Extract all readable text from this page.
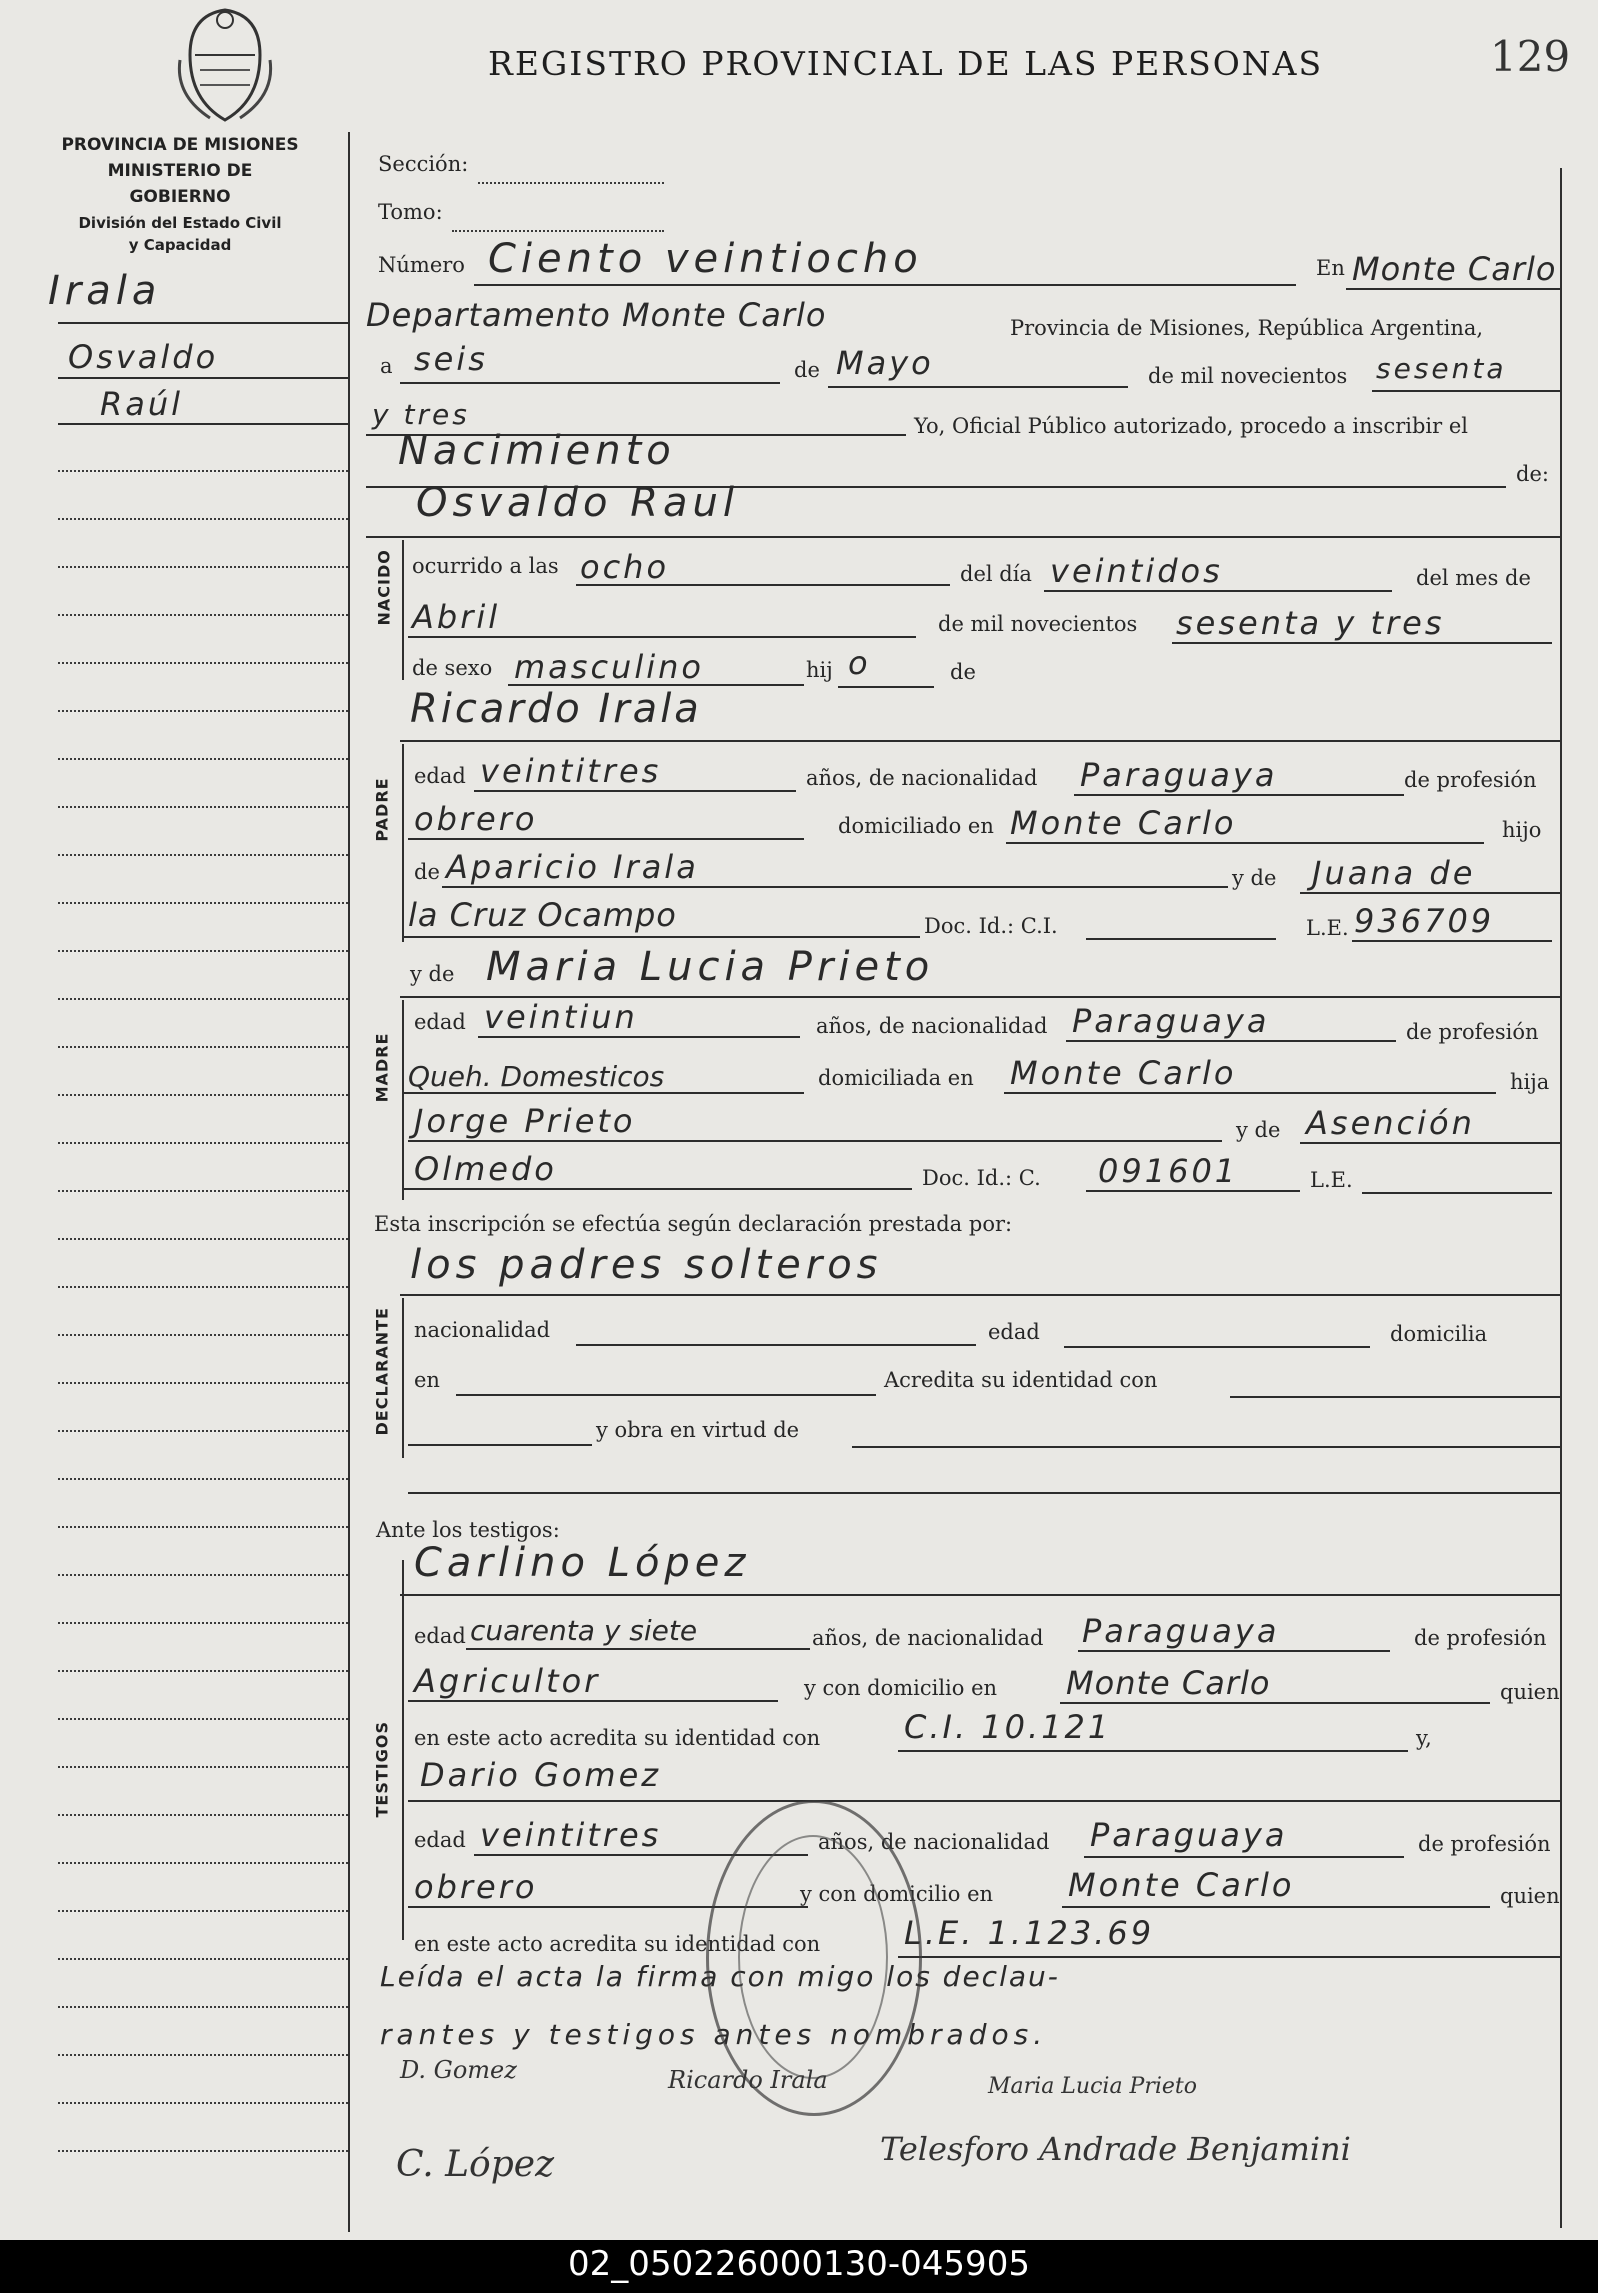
REGISTRO PROVINCIAL DE LAS PERSONAS	129
PROVINCIA DE MISIONES
MINISTERIO DE GOBIERNO
División del Estado Civil
y Capacidad
Irala
Osvaldo
Raúl
Sección:
Tomo:
Número Ciento veintiocho	En Monte Carlo
Departamento Monte Carlo	Provincia de Misiones, República Argentina,
a seis	de Mayo	de mil novecientos sesenta
y tres	Yo, Oficial Público autorizado, procedo a inscribir el
Nacimiento	de:
Osvaldo Raul
NACIDO ocurrido a las ocho	del día veintidos	del mes de
Abril	de mil novecientos sesenta y tres
de sexo masculino	hij o	de
Ricardo Irala
PADRE
edad veintitres	años, de nacionalidad Paraguaya	de profesión
obrero	domiciliado en Monte Carlo	hijo
de Aparicio Irala	y de Juana de
la Cruz Ocampo	Doc. Id.: C.I.	L.E. 936709
y de Maria Lucia Prieto
MADRE
edad veintiun	años, de nacionalidad Paraguaya	de profesión
Queh. Domesticos	domiciliada en Monte Carlo	hija
Jorge Prieto	y de Asención
Olmedo	Doc. Id.: C. 091601	L.E.
Esta inscripción se efectúa según declaración prestada por:
los padres solteros
DECLARANTE nacionalidad	edad	domicilia
en	Acredita su identidad con
y obra en virtud de
Ante los testigos:
Carlino López
TESTIGOS
edad cuarenta y siete	años, de nacionalidad Paraguaya	de profesión
Agricultor	y con domicilio en Monte Carlo	quien
en este acto acredita su identidad con	C.I. 10.121	y,
Dario Gomez
edad veintitres	años, de nacionalidad Paraguaya	de profesión
obrero	y con domicilio en Monte Carlo	quien
en este acto acredita su identidad con	L.E. 1.123.69
Leída el acta la firma con migo los declau-
rantes y testigos antes nombrados.
D. Gomez	Ricardo Irala	Maria Lucia Prieto
C. López	Telesforo Andrade Benjamini
02_050226000130-045905
